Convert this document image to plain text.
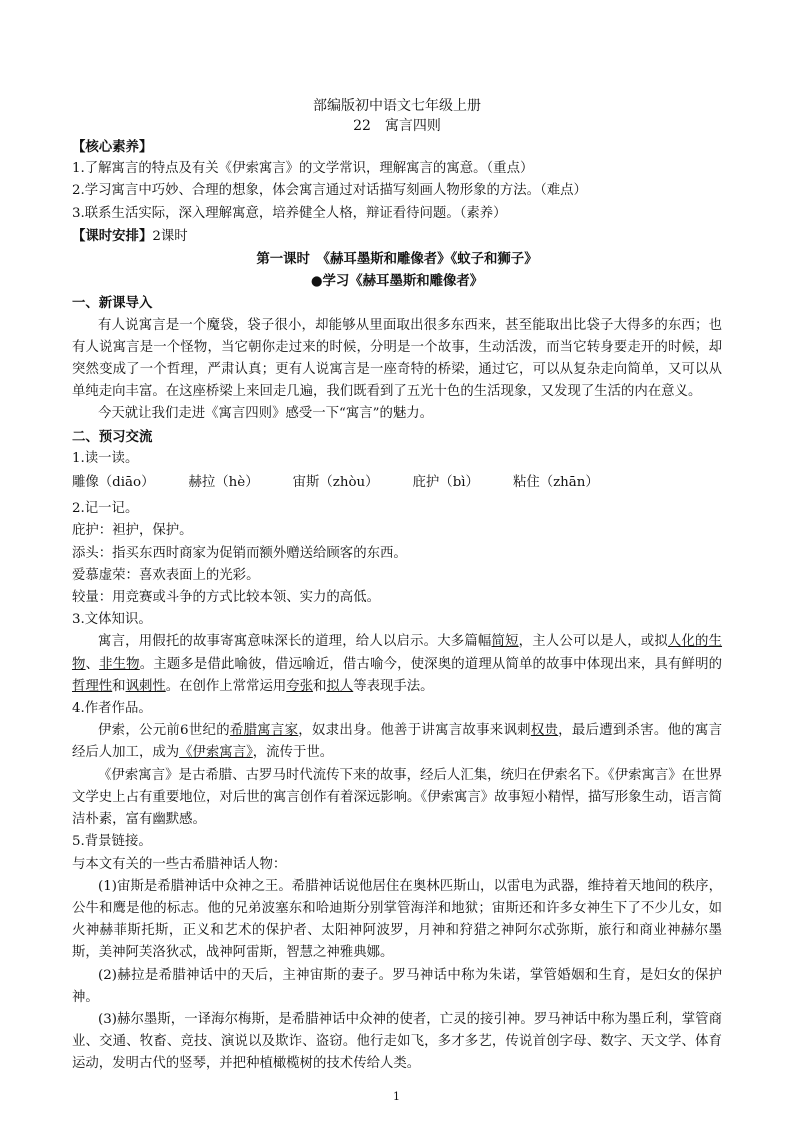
部编版初中语文七年级上册
22　寓言四则
【核心素养】
1.了解寓言的特点及有关《伊索寓言》的文学常识，理解寓言的寓意。（重点）
2.学习寓言中巧妙、合理的想象，体会寓言通过对话描写刻画人物形象的方法。（难点）
3.联系生活实际，深入理解寓意，培养健全人格，辩证看待问题。（素养）
【课时安排】2课时
第一课时　《赫耳墨斯和雕像者》《蚊子和狮子》
●学习《赫耳墨斯和雕像者》
一、新课导入
有人说寓言是一个魔袋，袋子很小，却能够从里面取出很多东西来，甚至能取出比袋子大得多的东西；也有人说寓言是一个怪物，当它朝你走过来的时候，分明是一个故事，生动活泼，而当它转身要走开的时候，却突然变成了一个哲理，严肃认真；更有人说寓言是一座奇特的桥梁，通过它，可以从复杂走向简单，又可以从单纯走向丰富。在这座桥梁上来回走几遍，我们既看到了五光十色的生活现象，又发现了生活的内在意义。
今天就让我们走进《寓言四则》感受一下“寓言”的魅力。
二、预习交流
1.读一读。
雕像（diāo）	赫拉（hè）	宙斯（zhòu）	庇护（bì）	粘住（zhān）
2.记一记。
庇护：袒护，保护。
添头：指买东西时商家为促销而额外赠送给顾客的东西。
爱慕虚荣：喜欢表面上的光彩。
较量：用竞赛或斗争的方式比较本领、实力的高低。
3.文体知识。
寓言，用假托的故事寄寓意味深长的道理，给人以启示。大多篇幅简短，主人公可以是人，或拟人化的生物、非生物。主题多是借此喻彼，借远喻近，借古喻今，使深奥的道理从简单的故事中体现出来，具有鲜明的哲理性和讽刺性。在创作上常常运用夸张和拟人等表现手法。
4.作者作品。
伊索，公元前6世纪的希腊寓言家，奴隶出身。他善于讲寓言故事来讽刺权贵，最后遭到杀害。他的寓言经后人加工，成为《伊索寓言》，流传于世。
《伊索寓言》是古希腊、古罗马时代流传下来的故事，经后人汇集，统归在伊索名下。《伊索寓言》在世界文学史上占有重要地位，对后世的寓言创作有着深远影响。《伊索寓言》故事短小精悍，描写形象生动，语言简洁朴素，富有幽默感。
5.背景链接。
与本文有关的一些古希腊神话人物：
(1)宙斯是希腊神话中众神之王。希腊神话说他居住在奥林匹斯山，以雷电为武器，维持着天地间的秩序，公牛和鹰是他的标志。他的兄弟波塞东和哈迪斯分别掌管海洋和地狱；宙斯还和许多女神生下了不少儿女，如火神赫菲斯托斯，正义和艺术的保护者、太阳神阿波罗，月神和狩猎之神阿尔忒弥斯，旅行和商业神赫尔墨斯，美神阿芙洛狄忒，战神阿雷斯，智慧之神雅典娜。
(2)赫拉是希腊神话中的天后，主神宙斯的妻子。罗马神话中称为朱诺，掌管婚姻和生育，是妇女的保护神。
(3)赫尔墨斯，一译海尔梅斯，是希腊神话中众神的使者，亡灵的接引神。罗马神话中称为墨丘利，掌管商业、交通、牧畜、竞技、演说以及欺诈、盗窃。他行走如飞，多才多艺，传说首创字母、数字、天文学、体育运动，发明古代的竖琴，并把种植橄榄树的技术传给人类。
1
